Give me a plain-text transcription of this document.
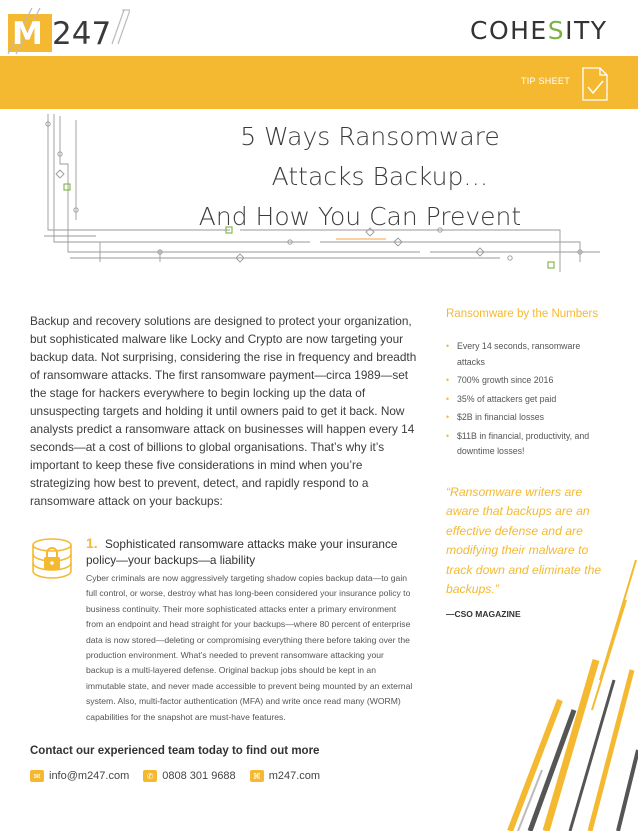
M 247	COHESITY
TIP SHEET
5 Ways Ransomware
Attacks Backup…
And How You Can Prevent

Backup and recovery solutions are designed to protect your organization, but sophisticated malware like Locky and Crypto are now targeting your backup data. Not surprising, considering the rise in frequency and breadth of ransomware attacks. The first ransomware payment—circa 1989—set the stage for hackers everywhere to begin locking up the data of unsuspecting targets and holding it until owners paid to get it back. Now analysts predict a ransomware attack on businesses will happen every 14 seconds—at a cost of billions to global organisations. That’s why it’s important to keep these five considerations in mind when you’re strategizing how best to prevent, detect, and rapidly respond to a ransomware attack on your backups:

1. Sophisticated ransomware attacks make your insurance policy—your backups—a liability

Cyber criminals are now aggressively targeting shadow copies backup data—to gain full control, or worse, destroy what has long-been considered your insurance policy to business continuity. Their more sophisticated attacks enter a primary environment from an endpoint and head straight for your backups—where 80 percent of enterprise data is now stored—deleting or compromising everything there before taking over the production environment. What’s needed to prevent ransomware attacking your backup is a multi-layered defense. Original backup jobs should be kept in an immutable state, and never made accessible to prevent being mounted by an external system. Also, multi-factor authentication (MFA) and write once read many (WORM) capabilities for the snapshot are must-have features.

Ransomware by the Numbers
• Every 14 seconds, ransomware attacks
• 700% growth since 2016
• 35% of attackers get paid
• $2B in financial losses
• $11B in financial, productivity, and downtime losses!
“Ransomware writers are aware that backups are an effective defense and are modifying their malware to track down and eliminate the backups.”
—CSO MAGAZINE
Contact our experienced team today to find out more
✉ info@m247.com	✆ 0808 301 9688	⌘ m247.com
